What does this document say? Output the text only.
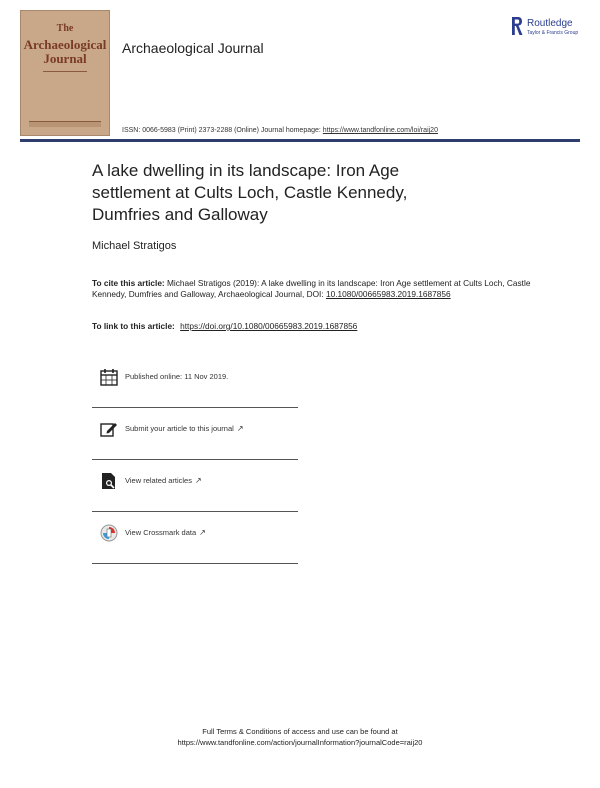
The
Archaeological
Journal
Archaeological Journal
Routledge
Taylor & Francis Group
ISSN: 0066-5983 (Print) 2373-2288 (Online) Journal homepage: https://www.tandfonline.com/loi/raij20
A lake dwelling in its landscape: Iron Age
settlement at Cults Loch, Castle Kennedy,
Dumfries and Galloway
Michael Stratigos
To cite this article: Michael Stratigos (2019): A lake dwelling in its landscape: Iron Age settlement at Cults Loch, Castle Kennedy, Dumfries and Galloway, Archaeological Journal, DOI: 10.1080/00665983.2019.1687856
To link to this article: https://doi.org/10.1080/00665983.2019.1687856
Published online: 11 Nov 2019.
Submit your article to this journal ↗
View related articles ↗
View Crossmark data ↗
Full Terms & Conditions of access and use can be found at
https://www.tandfonline.com/action/journalInformation?journalCode=raij20
